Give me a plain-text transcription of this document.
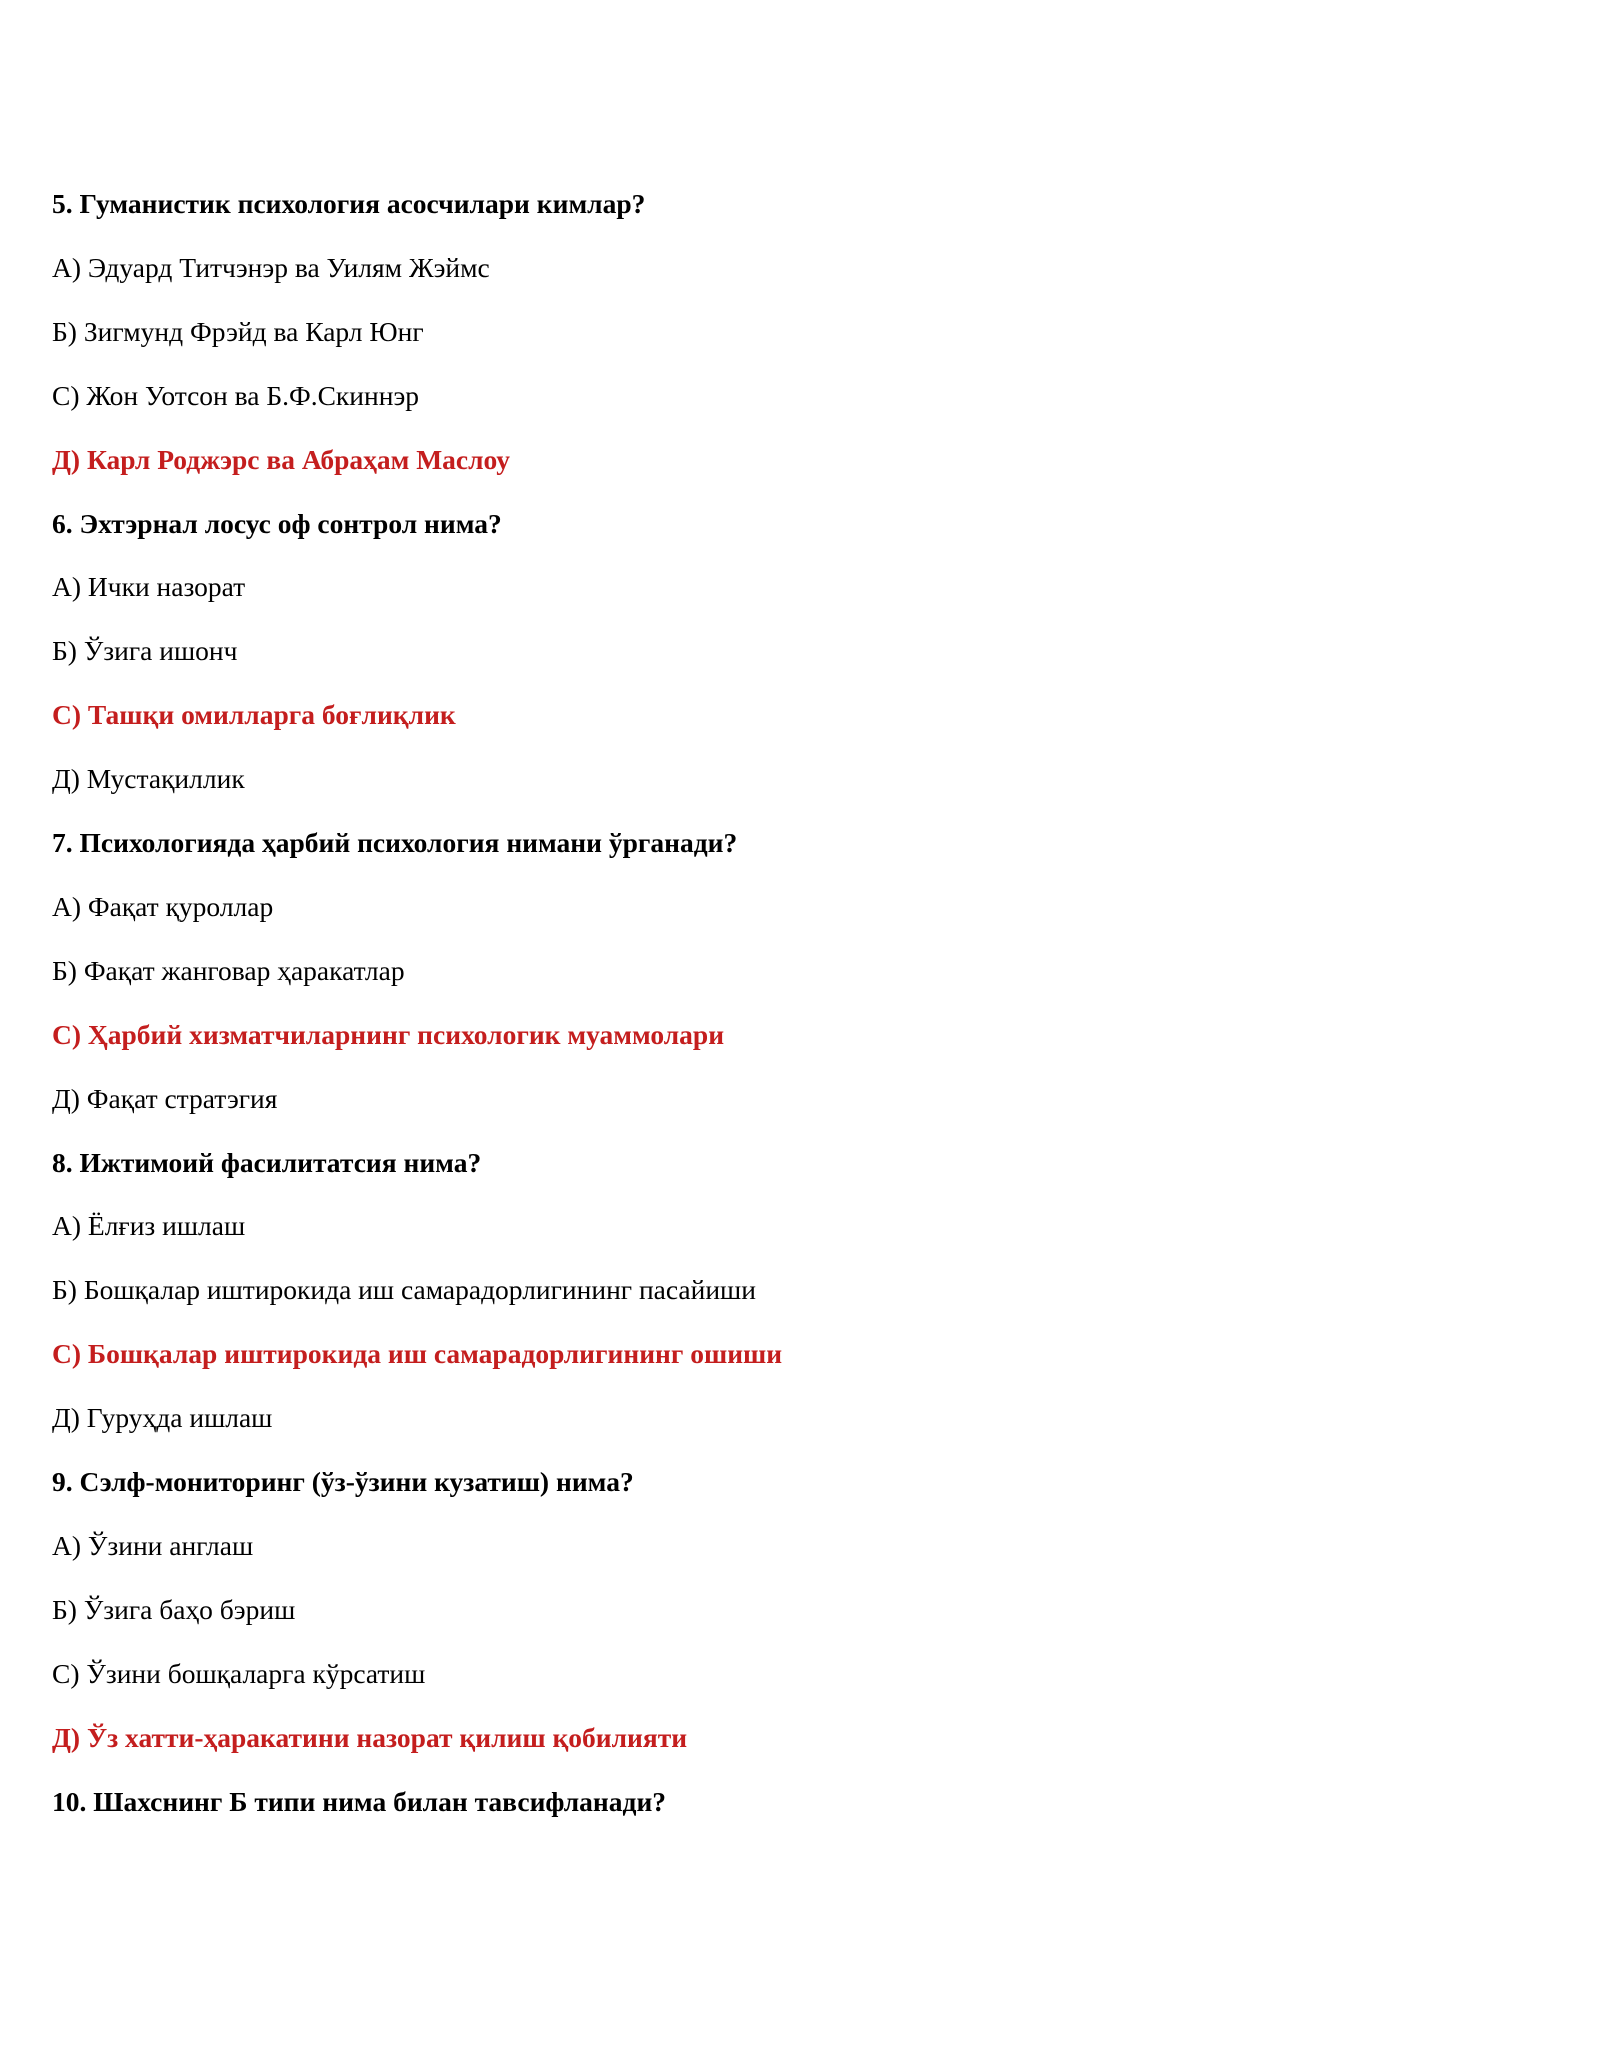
5. Гуманистик психология асосчилари кимлар?
А) Эдуард Титчэнэр ва Уилям Жэймс
Б) Зигмунд Фрэйд ва Карл Юнг
С) Жон Уотсон ва Б.Ф.Скиннэр
Д) Карл Роджэрс ва Абраҳам Маслоу
6. Эхтэрнал лосус оф сонтрол нима?
А) Ички назорат
Б) Ўзига ишонч
С) Ташқи омилларга боғлиқлик
Д) Мустақиллик
7. Психологияда ҳарбий психология нимани ўрганади?
А) Фақат қуроллар
Б) Фақат жанговар ҳаракатлар
С) Ҳарбий хизматчиларнинг психологик муаммолари
Д) Фақат стратэгия
8. Ижтимоий фасилитатсия нима?
А) Ёлғиз ишлаш
Б) Бошқалар иштирокида иш самарадорлигининг пасайиши
С) Бошқалар иштирокида иш самарадорлигининг ошиши
Д) Гуруҳда ишлаш
9. Сэлф-мониторинг (ўз-ўзини кузатиш) нима?
А) Ўзини англаш
Б) Ўзига баҳо бэриш
С) Ўзини бошқаларга кўрсатиш
Д) Ўз хатти-ҳаракатини назорат қилиш қобилияти
10. Шахснинг Б типи нима билан тавсифланади?
